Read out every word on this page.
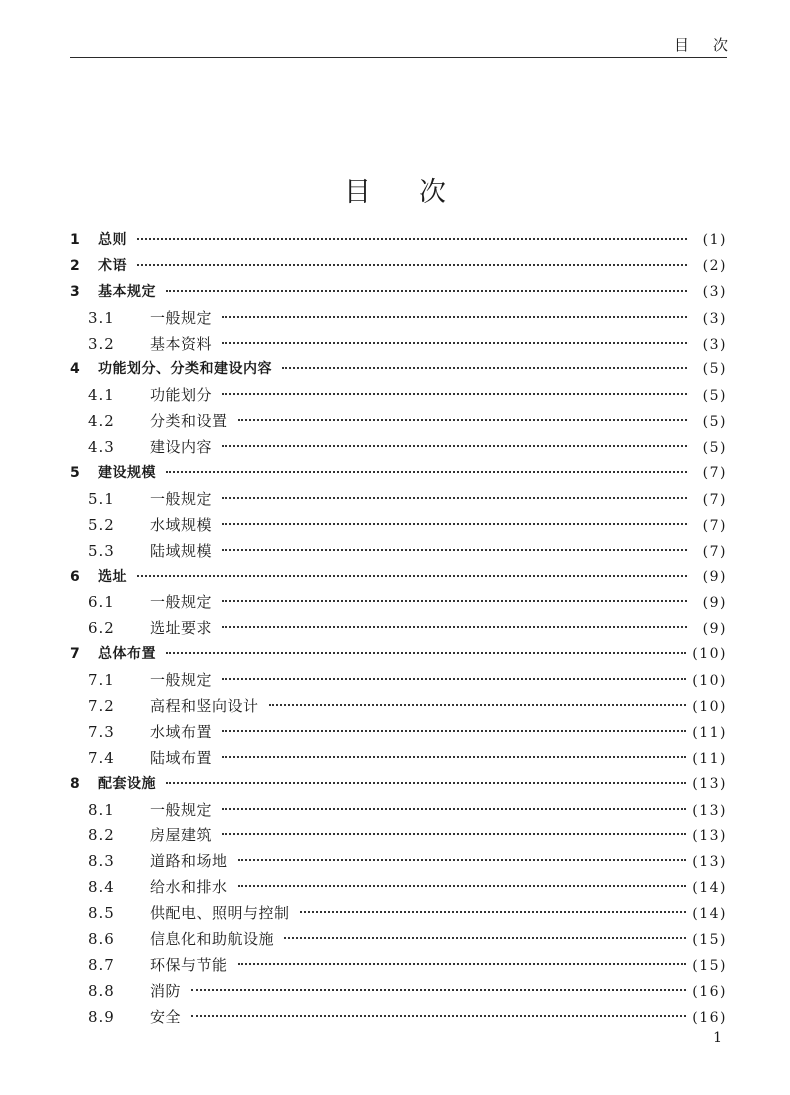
目次
目次
1	总则	(1)
2	术语	(2)
3	基本规定	(3)
3.1	一般规定	(3)
3.2	基本资料	(3)
4	功能划分、分类和建设内容	(5)
4.1	功能划分	(5)
4.2	分类和设置	(5)
4.3	建设内容	(5)
5	建设规模	(7)
5.1	一般规定	(7)
5.2	水域规模	(7)
5.3	陆域规模	(7)
6	选址	(9)
6.1	一般规定	(9)
6.2	选址要求	(9)
7	总体布置	(10)
7.1	一般规定	(10)
7.2	高程和竖向设计	(10)
7.3	水域布置	(11)
7.4	陆域布置	(11)
8	配套设施	(13)
8.1	一般规定	(13)
8.2	房屋建筑	(13)
8.3	道路和场地	(13)
8.4	给水和排水	(14)
8.5	供配电、照明与控制	(14)
8.6	信息化和助航设施	(15)
8.7	环保与节能	(15)
8.8	消防	(16)
8.9	安全	(16)
1
